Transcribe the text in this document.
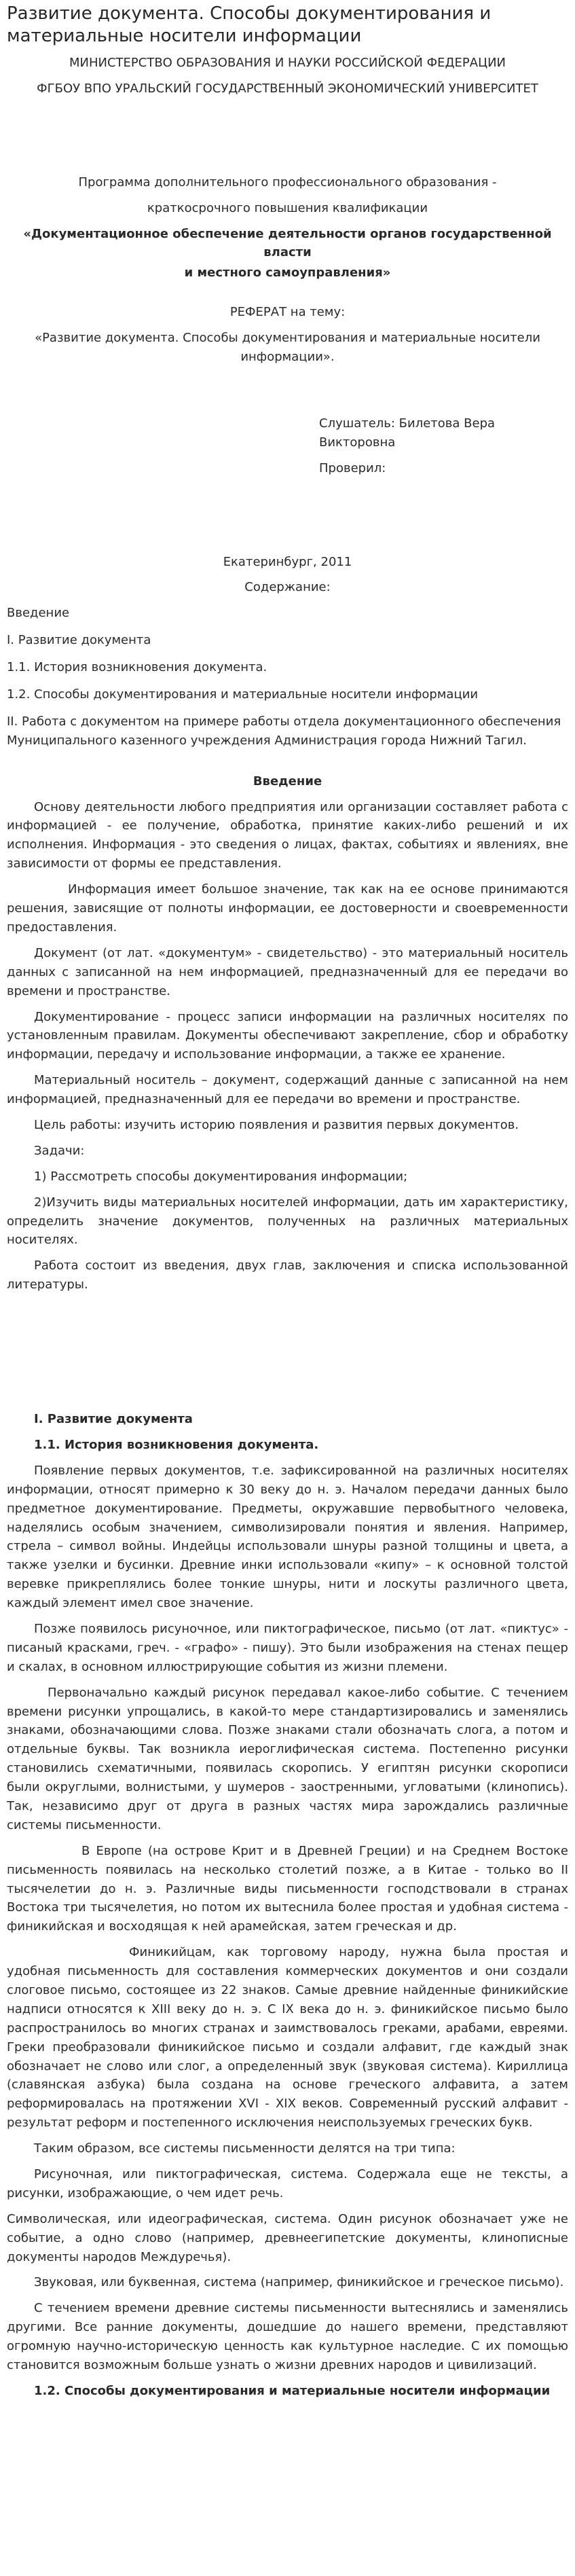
Развитие документа. Способы документирования и материальные носители информации

МИНИСТЕРСТВО ОБРАЗОВАНИЯ И НАУКИ РОССИЙСКОЙ ФЕДЕРАЦИИ

ФГБОУ ВПО УРАЛЬСКИЙ ГОСУДАРСТВЕННЫЙ ЭКОНОМИЧЕСКИЙ УНИВЕРСИТЕТ

Программа дополнительного профессионального образования -

краткосрочного повышения квалификации

«Документационное обеспечение деятельности органов государственной власти

и местного самоуправления»

РЕФЕРАТ на тему:

«Развитие документа. Способы документирования и материальные носители информации».

Слушатель: Билетова Вера Викторовна

Проверил:

Екатеринбург, 2011

Содержание:

Введение

I. Развитие документа

1.1. История возникновения документа.

1.2. Способы документирования и материальные носители информации

II. Работа с документом на примере работы отдела документационного обеспечения Муниципального казенного учреждения Администрация города Нижний Тагил.

Введение

Основу деятельности любого предприятия или организации составляет работа с информацией - ее получение, обработка, принятие каких-либо решений и их исполнения. Информация - это сведения о лицах, фактах, событиях и явлениях, вне зависимости от формы ее представления.

Информация имеет большое значение, так как на ее основе принимаются решения, зависящие от полноты информации, ее достоверности и своевременности предоставления.

Документ (от лат. «документум» - свидетельство) - это материальный носитель данных с записанной на нем информацией, предназначенный для ее передачи во времени и пространстве.

Документирование - процесс записи информации на различных носителях по установленным правилам. Документы обеспечивают закрепление, сбор и обработку информации, передачу и использование информации, а также ее хранение.

Материальный носитель – документ, содержащий данные с записанной на нем информацией, предназначенный для ее передачи во времени и пространстве.

Цель работы: изучить историю появления и развития первых документов.

Задачи:

1) Рассмотреть способы документирования информации;

2)Изучить виды материальных носителей информации, дать им характеристику, определить значение документов, полученных на различных материальных носителях.

Работа состоит из введения, двух глав, заключения и списка использованной литературы.

I. Развитие документа

1.1. История возникновения документа.

Появление первых документов, т.е. зафиксированной на различных носителях информации, относят примерно к 30 веку до н. э. Началом передачи данных было предметное документирование. Предметы, окружавшие первобытного человека, наделялись особым значением, символизировали понятия и явления. Например, стрела – символ войны. Индейцы использовали шнуры разной толщины и цвета, а также узелки и бусинки. Древние инки использовали «кипу» – к основной толстой веревке прикреплялись более тонкие шнуры, нити и лоскуты различного цвета, каждый элемент имел свое значение.

Позже появилось рисуночное, или пиктографическое, письмо (от лат. «пиктус» - писаный красками, греч. - «графо» - пишу). Это были изображения на стенах пещер и скалах, в основном иллюстрирующие события из жизни племени.

Первоначально каждый рисунок передавал какое-либо событие. С течением времени рисунки упрощались, в какой-то мере стандартизировались и заменялись знаками, обозначающими слова. Позже знаками стали обозначать слога, а потом и отдельные буквы. Так возникла иероглифическая система. Постепенно рисунки становились схематичными, появилась скоропись. У египтян рисунки скорописи были округлыми, волнистыми, у шумеров - заостренными, угловатыми (клинопись). Так, независимо друг от друга в разных частях мира зарождались различные системы письменности.

В Европе (на острове Крит и в Древней Греции) и на Среднем Востоке письменность появилась на несколько столетий позже, а в Китае - только во II тысячелетии до н. э. Различные виды письменности господствовали в странах Востока три тысячелетия, но потом их вытеснила более простая и удобная система - финикийская и восходящая к ней арамейская, затем греческая и др.

Финикийцам, как торговому народу, нужна была простая и удобная письменность для составления коммерческих документов и они создали слоговое письмо, состоящее из 22 знаков. Самые древние найденные финикийские надписи относятся к XIII веку до н. э. С IX века до н. э. финикийское письмо было распространилось во многих странах и заимствовалось греками, арабами, евреями. Греки преобразовали финикийское письмо и создали алфавит, где каждый знак обозначает не слово или слог, а определенный звук (звуковая система). Кириллица (славянская азбука) была создана на основе греческого алфавита, а затем реформировалась на протяжении XVI - XIX веков. Современный русский алфавит - результат реформ и постепенного исключения неиспользуемых греческих букв.

Таким образом, все системы письменности делятся на три типа:

Рисуночная, или пиктографическая, система. Содержала еще не тексты, а рисунки, изображающие, о чем идет речь.

Символическая, или идеографическая, система. Один рисунок обозначает уже не событие, а одно слово (например, древнеегипетские документы, клинописные документы народов Междуречья).

Звуковая, или буквенная, система (например, финикийское и греческое письмо).

С течением времени древние системы письменности вытеснялись и заменялись другими. Все ранние документы, дошедшие до нашего времени, представляют огромную научно-историческую ценность как культурное наследие. С их помощью становится возможным больше узнать о жизни древних народов и цивилизаций.

1.2. Способы документирования и материальные носители информации
